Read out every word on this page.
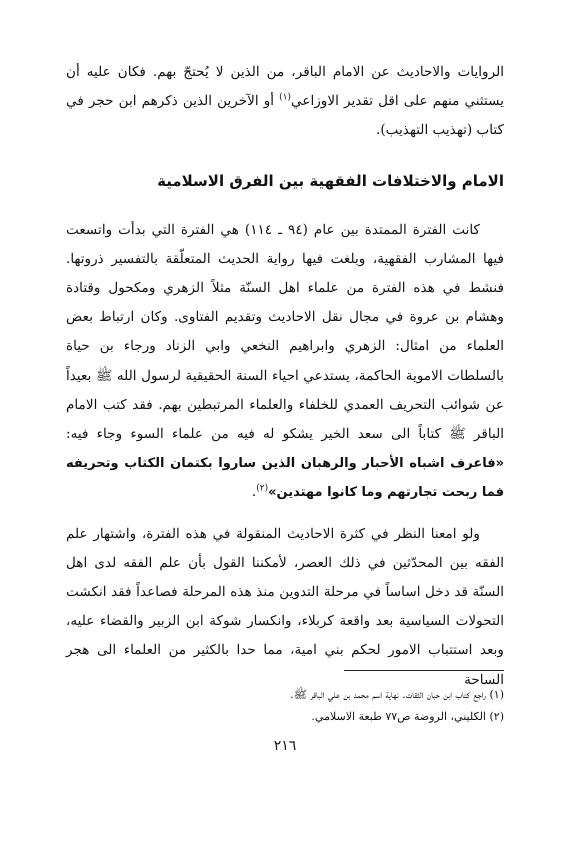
الروايات والاحاديث عن الامام الباقر، من الذين لا يُحتجّ بهم. فكان عليه أن يستثني منهم على اقل تقدير الاوزاعي$^{(١)}$ أو الآخرين الذين ذكرهم ابن حجر في كتاب (تهذيب التهذيب).

الامام والاختلافات الفقهية بين الفرق الاسلامية

كانت الفترة الممتدة بين عام (٩٤ ـ ١١٤) هي الفترة التي بدأت واتسعت فيها المشارب الفقهية، وبلغت فيها رواية الحديث المتعلّقة بالتفسير ذروتها. فنشط في هذه الفترة من علماء اهل السنّة مثلاً الزهري ومكحول وقتادة وهشام بن عروة في مجال نقل الاحاديث وتقديم الفتاوى. وكان ارتباط بعض العلماء من امثال: الزهري وابراهيم النخعي وابي الزناد ورجاء بن حياة بالسلطات الاموية الحاكمة، يستدعي احياء السنة الحقيقية لرسول الله ﷺ بعيداً عن شوائب التحريف العمدي للخلفاء والعلماء المرتبطين بهم. فقد كتب الامام الباقر ﷺ كتاباً الى سعد الخير يشكو له فيه من علماء السوء وجاء فيه: «فاعرف اشباه الأحبار والرهبان الذين ساروا بكتمان الكتاب وتحريفه فما ربحت تجارتهم وما كانوا مهتدين»$^{(٢)}$.

ولو امعنا النظر في كثرة الاحاديث المنقولة في هذه الفترة، واشتهار علم الفقه بين المحدّثين في ذلك العصر، لأمكننا القول بأن علم الفقه لدى اهل السنّة قد دخل اساساً في مرحلة التدوين منذ هذه المرحلة فصاعداً فقد انكشت التحولات السياسية بعد واقعة كربلاء، وانكسار شوكة ابن الزبير والقضاء عليه، وبعد استتباب الامور لحكم بني امية، مما حدا بالكثير من العلماء الى هجر الساحة

(١) راجع كتاب ابن حبان الثقات. نهاية اسم محمد بن علي الباقر ﷺ.

(٢) الكليني، الروضة ص٧٧ طبعة الاسلامي.

٢١٦
